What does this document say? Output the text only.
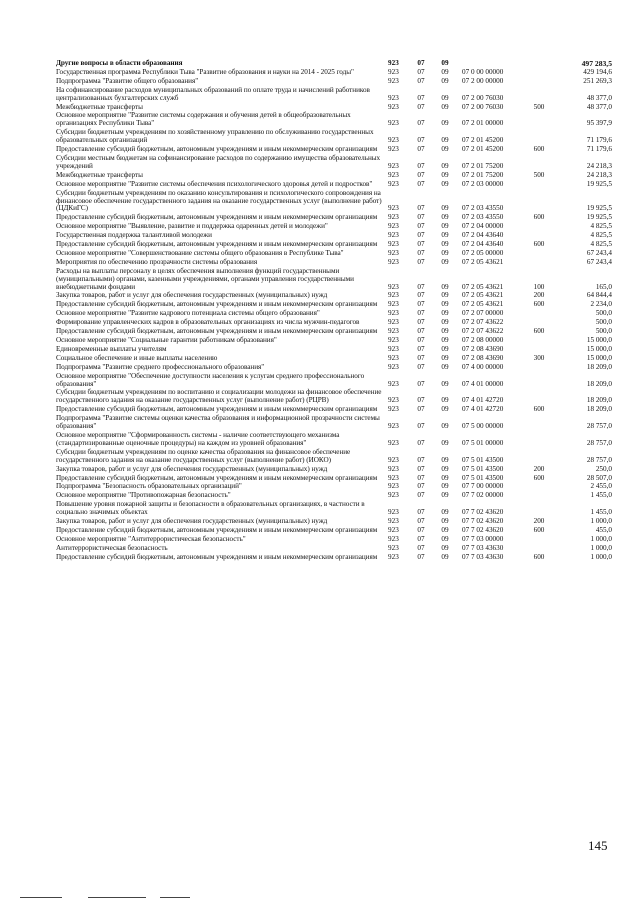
Другие вопросы в области образования	923	07	09	497 283,5
Государственная программа Республики Тыва "Развитие образования и науки на 2014 - 2025 годы"	923	07	09	07 0 00 00000	429 194,6
Подпрограмма "Развитие общего образования"	923	07	09	07 2 00 00000	251 269,3
На софинансирование расходов муниципальных образований по оплате труда и начислений работников централизованных бухгалтерских служб	923	07	09	07 2 00 76030	48 377,0
Межбюджетные трансферты	923	07	09	07 2 00 76030	500	48 377,0
Основное мероприятие "Развитие системы содержания и обучения детей в общеобразовательных организациях Республики Тыва"	923	07	09	07 2 01 00000	95 397,9
Субсидии бюджетным учреждениям по хозяйственному управлению по обслуживанию государственных образовательных организаций	923	07	09	07 2 01 45200	71 179,6
Предоставление субсидий бюджетным, автономным учреждениям и иным некоммерческим организациям	923	07	09	07 2 01 45200	600	71 179,6
Субсидии местным бюджетам на софинансирование расходов по содержанию имущества образовательных учреждений	923	07	09	07 2 01 75200	24 218,3
Межбюджетные трансферты	923	07	09	07 2 01 75200	500	24 218,3
Основное мероприятие "Развитие системы обеспечения психологического здоровья детей и подростков"	923	07	09	07 2 03 00000	19 925,5
Субсидии бюджетным учреждениям по оказанию консультирования и психологического сопровождения на финансовое обеспечение государственного задания на оказание государственных услуг (выполнение работ) (ЦДКиГС)	923	07	09	07 2 03 43550	19 925,5
Предоставление субсидий бюджетным, автономным учреждениям и иным некоммерческим организациям	923	07	09	07 2 03 43550	600	19 925,5
Основное мероприятие "Выявление, развитие и поддержка одаренных детей и молодежи"	923	07	09	07 2 04 00000	4 825,5
Государственная поддержка талантливой молодежи	923	07	09	07 2 04 43640	4 825,5
Предоставление субсидий бюджетным, автономным учреждениям и иным некоммерческим организациям	923	07	09	07 2 04 43640	600	4 825,5
Основное мероприятие "Совершенствование системы общего образования в Республике Тыва"	923	07	09	07 2 05 00000	67 243,4
Мероприятия по обеспечению прозрачности системы образования	923	07	09	07 2 05 43621	67 243,4
Расходы на выплаты персоналу в целях обеспечения выполнения функций государственными (муниципальными) органами, казенными учреждениями, органами управления государственными внебюджетными фондами	923	07	09	07 2 05 43621	100	165,0
Закупка товаров, работ и услуг для обеспечения государственных (муниципальных) нужд	923	07	09	07 2 05 43621	200	64 844,4
Предоставление субсидий бюджетным, автономным учреждениям и иным некоммерческим организациям	923	07	09	07 2 05 43621	600	2 234,0
Основное мероприятие "Развитие кадрового потенциала системы общего образования"	923	07	09	07 2 07 00000	500,0
Формирование управленческих кадров в образовательных организациях из числа мужчин-педагогов	923	07	09	07 2 07 43622	500,0
Предоставление субсидий бюджетным, автономным учреждениям и иным некоммерческим организациям	923	07	09	07 2 07 43622	600	500,0
Основное мероприятие "Социальные гарантии работникам образования"	923	07	09	07 2 08 00000	15 000,0
Единовременные выплаты учителям	923	07	09	07 2 08 43690	15 000,0
Социальное обеспечение и иные выплаты населению	923	07	09	07 2 08 43690	300	15 000,0
Подпрограмма "Развитие среднего профессионального образования"	923	07	09	07 4 00 00000	18 209,0
Основное мероприятие "Обеспечение доступности населения к услугам среднего профессионального образования"	923	07	09	07 4 01 00000	18 209,0
Субсидии бюджетным учреждениям по воспитанию и социализации молодежи на финансовое обеспечение государственного задания на оказание государственных услуг (выполнение работ) (РЦРВ)	923	07	09	07 4 01 42720	18 209,0
Предоставление субсидий бюджетным, автономным учреждениям и иным некоммерческим организациям	923	07	09	07 4 01 42720	600	18 209,0
Подпрограмма "Развитие системы оценки качества образования и информационной прозрачности системы образования"	923	07	09	07 5 00 00000	28 757,0
Основное мероприятие "Сформированность системы - наличие соответствующего механизма (стандартизированные оценочные процедуры) на каждом из уровней образования"	923	07	09	07 5 01 00000	28 757,0
Субсидии бюджетным учреждениям по оценке качества образования на финансовое обеспечение государственного задания на оказание государственных услуг (выполнение работ) (ИОКО)	923	07	09	07 5 01 43500	28 757,0
Закупка товаров, работ и услуг для обеспечения государственных (муниципальных) нужд	923	07	09	07 5 01 43500	200	250,0
Предоставление субсидий бюджетным, автономным учреждениям и иным некоммерческим организациям	923	07	09	07 5 01 43500	600	28 507,0
Подпрограмма "Безопасность образовательных организаций"	923	07	09	07 7 00 00000	2 455,0
Основное мероприятие "Противопожарная безопасность"	923	07	09	07 7 02 00000	1 455,0
Повышение уровня пожарной защиты и безопасности в образовательных организациях, в частности в социально значимых объектах	923	07	09	07 7 02 43620	1 455,0
Закупка товаров, работ и услуг для обеспечения государственных (муниципальных) нужд	923	07	09	07 7 02 43620	200	1 000,0
Предоставление субсидий бюджетным, автономным учреждениям и иным некоммерческим организациям	923	07	09	07 7 02 43620	600	455,0
Основное мероприятие "Антитеррористическая безопасность"	923	07	09	07 7 03 00000	1 000,0
Антитеррористическая безопасность	923	07	09	07 7 03 43630	1 000,0
Предоставление субсидий бюджетным, автономным учреждениям и иным некоммерческим организациям	923	07	09	07 7 03 43630	600	1 000,0
145
